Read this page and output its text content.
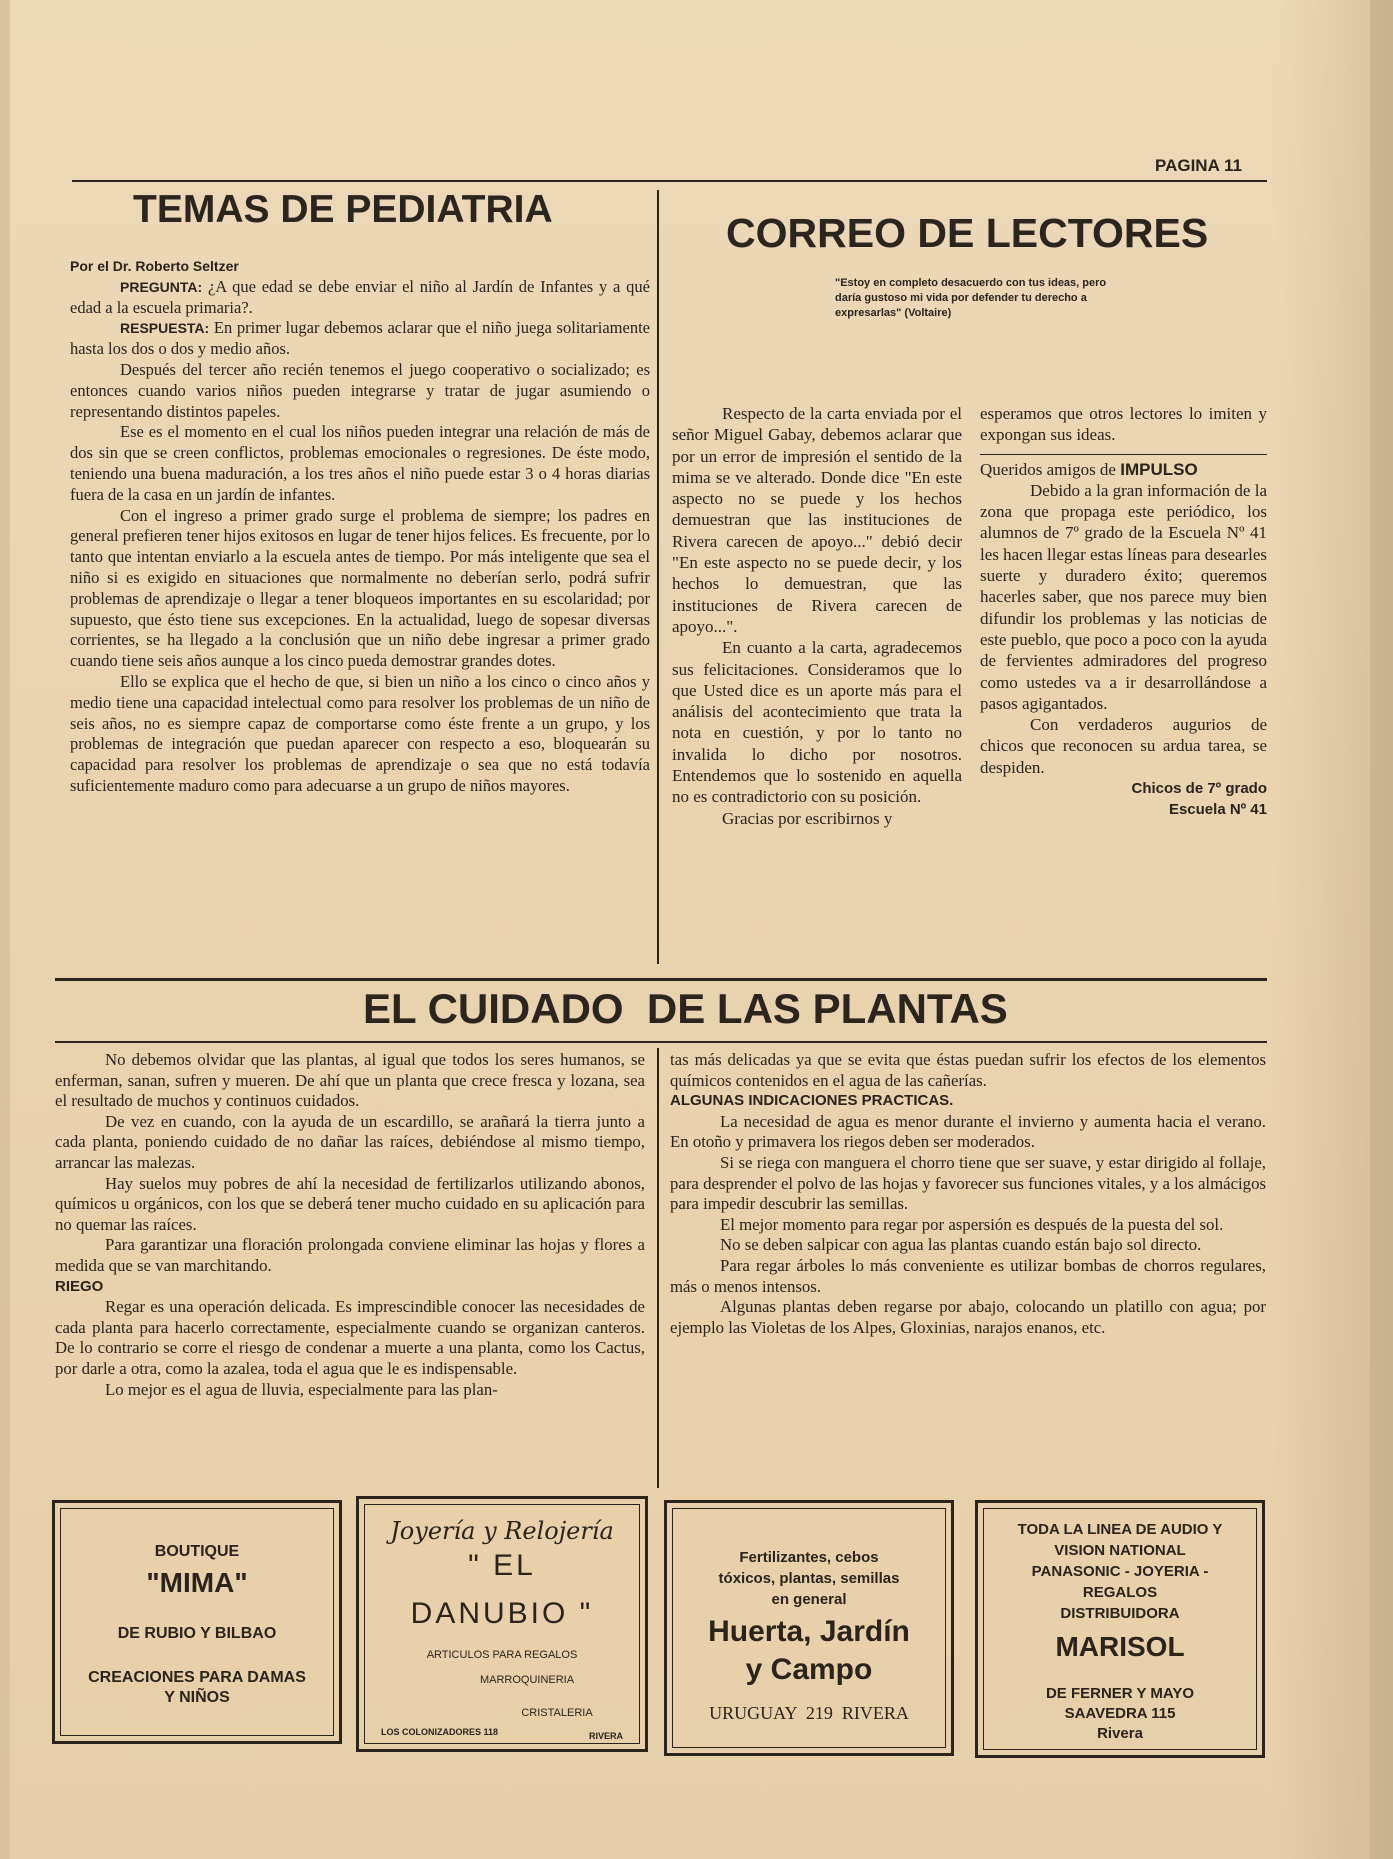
PAGINA 11
TEMAS DE PEDIATRIA

Por el Dr. Roberto Seltzer

PREGUNTA: ¿A que edad se debe enviar el niño al Jardín de Infantes y a qué edad a la escuela primaria?.

RESPUESTA: En primer lugar debemos aclarar que el niño juega solitariamente hasta los dos o dos y medio años.

Después del tercer año recién tenemos el juego cooperativo o socializado; es entonces cuando varios niños pueden integrarse y tratar de jugar asumiendo o representando distintos papeles.

Ese es el momento en el cual los niños pueden integrar una relación de más de dos sin que se creen conflictos, problemas emocionales o regresiones. De éste modo, teniendo una buena maduración, a los tres años el niño puede estar 3 o 4 horas diarias fuera de la casa en un jardín de infantes.

Con el ingreso a primer grado surge el problema de siempre; los padres en general prefieren tener hijos exitosos en lugar de tener hijos felices. Es frecuente, por lo tanto que intentan enviarlo a la escuela antes de tiempo. Por más inteligente que sea el niño si es exigido en situaciones que normalmente no deberían serlo, podrá sufrir problemas de aprendizaje o llegar a tener bloqueos importantes en su escolaridad; por supuesto, que ésto tiene sus excepciones. En la actualidad, luego de sopesar diversas corrientes, se ha llegado a la conclusión que un niño debe ingresar a primer grado cuando tiene seis años aunque a los cinco pueda demostrar grandes dotes.

Ello se explica que el hecho de que, si bien un niño a los cinco o cinco años y medio tiene una capacidad intelectual como para resolver los problemas de un niño de seis años, no es siempre capaz de comportarse como éste frente a un grupo, y los problemas de integración que puedan aparecer con respecto a eso, bloquearán su capacidad para resolver los problemas de aprendizaje o sea que no está todavía suficientemente maduro como para adecuarse a un grupo de niños mayores.

CORREO DE LECTORES
"Estoy en completo desacuerdo con tus ideas, pero daría gustoso mi vida por defender tu derecho a expresarlas" (Voltaire)

Respecto de la carta enviada por el señor Miguel Gabay, debemos aclarar que por un error de impresión el sentido de la mima se ve alterado. Donde dice "En este aspecto no se puede y los hechos demuestran que las instituciones de Rivera carecen de apoyo..." debió decir "En este aspecto no se puede decir, y los hechos lo demuestran, que las instituciones de Rivera carecen de apoyo...".

En cuanto a la carta, agradecemos sus felicitaciones. Consideramos que lo que Usted dice es un aporte más para el análisis del acontecimiento que trata la nota en cuestión, y por lo tanto no invalida lo dicho por nosotros. Entendemos que lo sostenido en aquella no es contradictorio con su posición.

Gracias por escribirnos y

esperamos que otros lectores lo imiten y expongan sus ideas.

Queridos amigos de IMPULSO

Debido a la gran información de la zona que propaga este periódico, los alumnos de 7º grado de la Escuela Nº 41 les hacen llegar estas líneas para desearles suerte y duradero éxito; queremos hacerles saber, que nos parece muy bien difundir los problemas y las noticias de este pueblo, que poco a poco con la ayuda de fervientes admiradores del progreso como ustedes va a ir desarrollándose a pasos agigantados.

Con verdaderos augurios de chicos que reconocen su ardua tarea, se despiden.

Chicos de 7º grado

Escuela Nº 41

EL CUIDADO  DE LAS PLANTAS

No debemos olvidar que las plantas, al igual que todos los seres humanos, se enferman, sanan, sufren y mueren. De ahí que un planta que crece fresca y lozana, sea el resultado de muchos y continuos cuidados.

De vez en cuando, con la ayuda de un escardillo, se arañará la tierra junto a cada planta, poniendo cuidado de no dañar las raíces, debiéndose al mismo tiempo, arrancar las malezas.

Hay suelos muy pobres de ahí la necesidad de fertilizarlos utilizando abonos, químicos u orgánicos, con los que se deberá tener mucho cuidado en su aplicación para no quemar las raíces.

Para garantizar una floración prolongada conviene eliminar las hojas y flores a medida que se van marchitando.

RIEGO

Regar es una operación delicada. Es imprescindible conocer las necesidades de cada planta para hacerlo correctamente, especialmente cuando se organizan canteros. De lo contrario se corre el riesgo de condenar a muerte a una planta, como los Cactus, por darle a otra, como la azalea, toda el agua que le es indispensable.

Lo mejor es el agua de lluvia, especialmente para las plan-

tas más delicadas ya que se evita que éstas puedan sufrir los efectos de los elementos químicos contenidos en el agua de las cañerías.

ALGUNAS INDICACIONES PRACTICAS.

La necesidad de agua es menor durante el invierno y aumenta hacia el verano. En otoño y primavera los riegos deben ser moderados.

Si se riega con manguera el chorro tiene que ser suave, y estar dirigido al follaje, para desprender el polvo de las hojas y favorecer sus funciones vitales, y a los almácigos para impedir descubrir las semillas.

El mejor momento para regar por aspersión es después de la puesta del sol.

No se deben salpicar con agua las plantas cuando están bajo sol directo.

Para regar árboles lo más conveniente es utilizar bombas de chorros regulares, más o menos intensos.

Algunas plantas deben regarse por abajo, colocando un platillo con agua; por ejemplo las Violetas de los Alpes, Gloxinias, narajos enanos, etc.

BOUTIQUE
"MIMA"
DE RUBIO Y BILBAO
CREACIONES PARA DAMAS
Y NIÑOS
Joyería y Relojería
" EL
DANUBIO "
ARTICULOS PARA REGALOS
MARROQUINERIA
CRISTALERIA
LOS COLONIZADORES 118	RIVERA
Fertilizantes, cebos
tóxicos, plantas, semillas
en general
Huerta, Jardín
y Campo
URUGUAY  219  RIVERA
TODA LA LINEA DE AUDIO Y
VISION NATIONAL
PANASONIC - JOYERIA -
REGALOS
DISTRIBUIDORA
MARISOL
DE FERNER Y MAYO
SAAVEDRA 115
Rivera
